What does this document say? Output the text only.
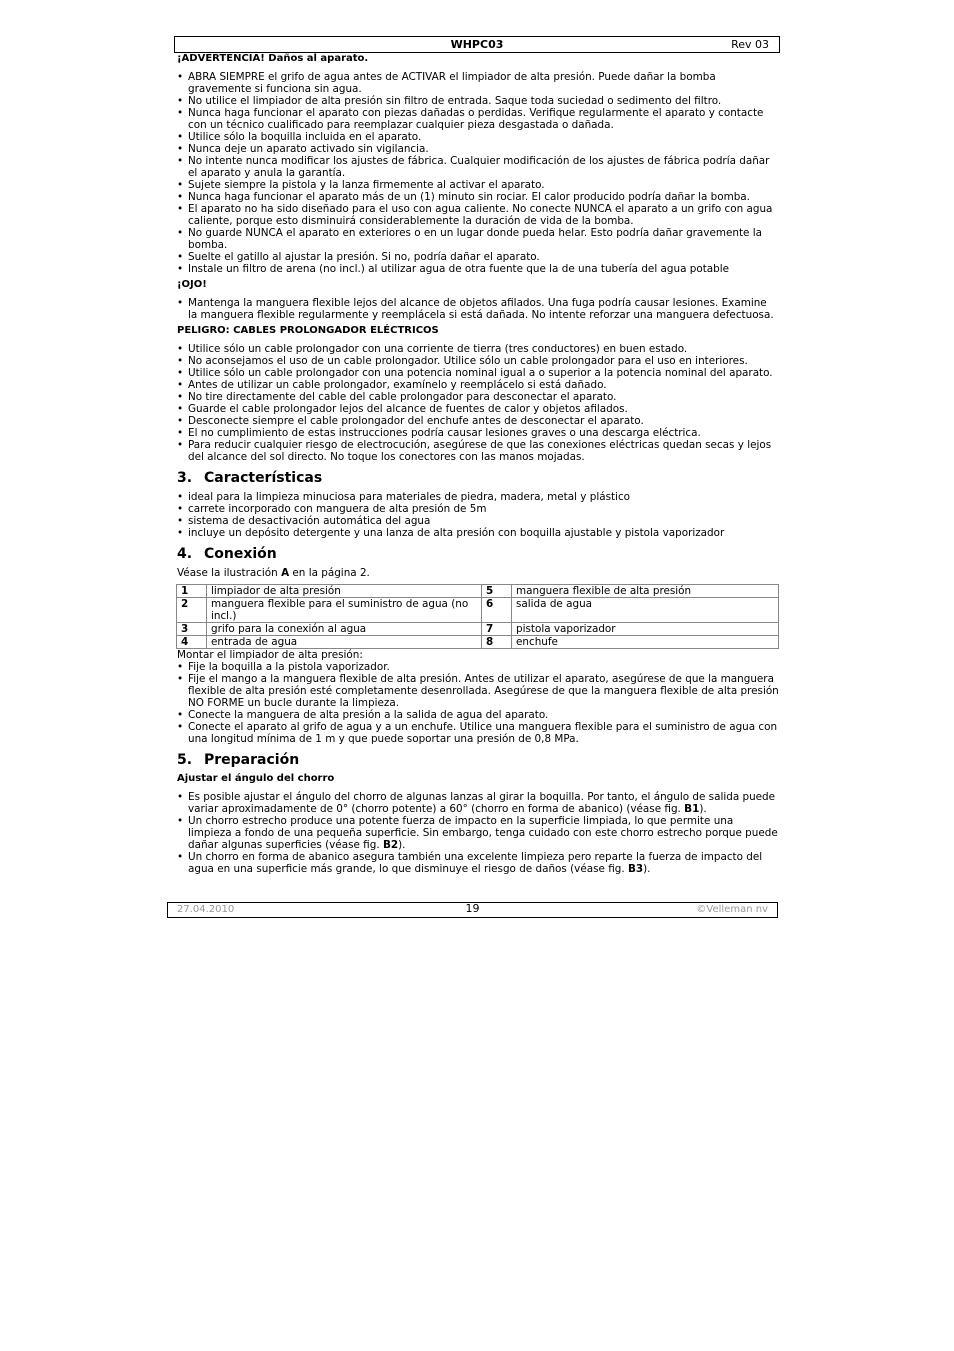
WHPC03	Rev 03
¡ADVERTENCIA! Daños al aparato.
• ABRA SIEMPRE el grifo de agua antes de ACTIVAR el limpiador de alta presión. Puede dañar la bomba gravemente si funciona sin agua.
• No utilice el limpiador de alta presión sin filtro de entrada. Saque toda suciedad o sedimento del filtro.
• Nunca haga funcionar el aparato con piezas dañadas o perdidas. Verifique regularmente el aparato y contacte con un técnico cualificado para reemplazar cualquier pieza desgastada o dañada.
• Utilice sólo la boquilla incluida en el aparato.
• Nunca deje un aparato activado sin vigilancia.
• No intente nunca modificar los ajustes de fábrica. Cualquier modificación de los ajustes de fábrica podría dañar el aparato y anula la garantía.
• Sujete siempre la pistola y la lanza firmemente al activar el aparato.
• Nunca haga funcionar el aparato más de un (1) minuto sin rociar. El calor producido podría dañar la bomba.
• El aparato no ha sido diseñado para el uso con agua caliente. No conecte NUNCA el aparato a un grifo con agua caliente, porque esto disminuirá considerablemente la duración de vida de la bomba.
• No guarde NUNCA el aparato en exteriores o en un lugar donde pueda helar. Esto podría dañar gravemente la bomba.
• Suelte el gatillo al ajustar la presión. Si no, podría dañar el aparato.
• Instale un filtro de arena (no incl.) al utilizar agua de otra fuente que la de una tubería del agua potable
¡OJO!
• Mantenga la manguera flexible lejos del alcance de objetos afilados. Una fuga podría causar lesiones. Examine la manguera flexible regularmente y reemplácela si está dañada. No intente reforzar una manguera defectuosa.
PELIGRO: CABLES PROLONGADOR ELÉCTRICOS
• Utilice sólo un cable prolongador con una corriente de tierra (tres conductores) en buen estado.
• No aconsejamos el uso de un cable prolongador. Utilice sólo un cable prolongador para el uso en interiores.
• Utilice sólo un cable prolongador con una potencia nominal igual a o superior a la potencia nominal del aparato.
• Antes de utilizar un cable prolongador, examínelo y reemplácelo si está dañado.
• No tire directamente del cable del cable prolongador para desconectar el aparato.
• Guarde el cable prolongador lejos del alcance de fuentes de calor y objetos afilados.
• Desconecte siempre el cable prolongador del enchufe antes de desconectar el aparato.
• El no cumplimiento de estas instrucciones podría causar lesiones graves o una descarga eléctrica.
• Para reducir cualquier riesgo de electrocución, asegúrese de que las conexiones eléctricas quedan secas y lejos del alcance del sol directo. No toque los conectores con las manos mojadas.
3. Características
• ideal para la limpieza minuciosa para materiales de piedra, madera, metal y plástico
• carrete incorporado con manguera de alta presión de 5m
• sistema de desactivación automática del agua
• incluye un depósito detergente y una lanza de alta presión con boquilla ajustable y pistola vaporizador
4. Conexión

Véase la ilustración A en la página 2.

1	limpiador de alta presión	5	manguera flexible de alta presión
2	manguera flexible para el suministro de agua (no incl.)	6	salida de agua
3	grifo para la conexión al agua	7	pistola vaporizador
4	entrada de agua	8	enchufe

Montar el limpiador de alta presión:

• Fije la boquilla a la pistola vaporizador.
• Fije el mango a la manguera flexible de alta presión. Antes de utilizar el aparato, asegúrese de que la manguera flexible de alta presión esté completamente desenrollada. Asegúrese de que la manguera flexible de alta presión NO FORME un bucle durante la limpieza.
• Conecte la manguera de alta presión a la salida de agua del aparato.
• Conecte el aparato al grifo de agua y a un enchufe. Utilice una manguera flexible para el suministro de agua con una longitud mínima de 1 m y que puede soportar una presión de 0,8 MPa.
5. Preparación
Ajustar el ángulo del chorro
• Es posible ajustar el ángulo del chorro de algunas lanzas al girar la boquilla. Por tanto, el ángulo de salida puede variar aproximadamente de 0° (chorro potente) a 60° (chorro en forma de abanico) (véase fig. B1).
• Un chorro estrecho produce una potente fuerza de impacto en la superficie limpiada, lo que permite una limpieza a fondo de una pequeña superficie. Sin embargo, tenga cuidado con este chorro estrecho porque puede dañar algunas superficies (véase fig. B2).
• Un chorro en forma de abanico asegura también una excelente limpieza pero reparte la fuerza de impacto del agua en una superficie más grande, lo que disminuye el riesgo de daños (véase fig. B3).
27.04.2010	19	©Velleman nv
